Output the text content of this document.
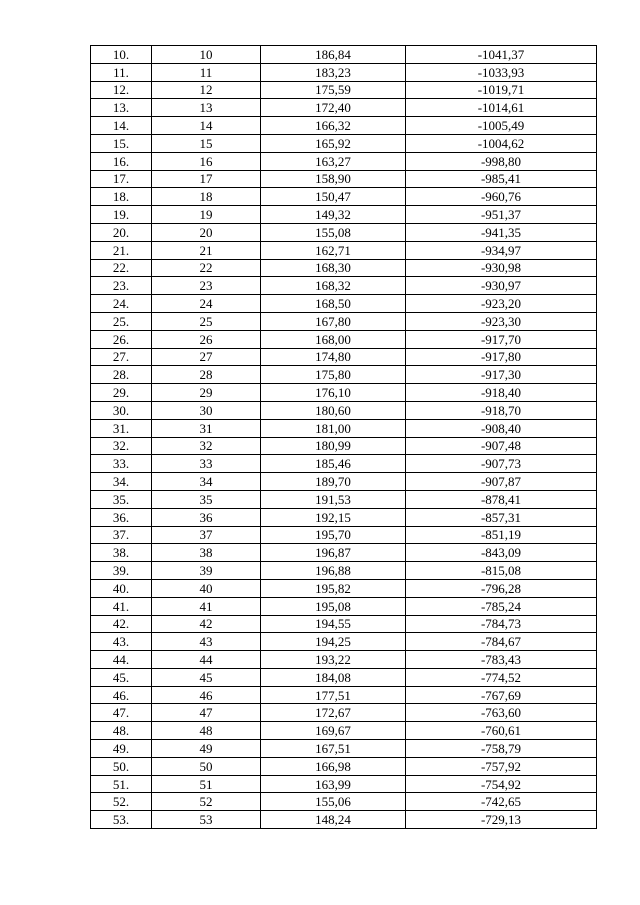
10.	10	186,84	-1041,37
11.	11	183,23	-1033,93
12.	12	175,59	-1019,71
13.	13	172,40	-1014,61
14.	14	166,32	-1005,49
15.	15	165,92	-1004,62
16.	16	163,27	-998,80
17.	17	158,90	-985,41
18.	18	150,47	-960,76
19.	19	149,32	-951,37
20.	20	155,08	-941,35
21.	21	162,71	-934,97
22.	22	168,30	-930,98
23.	23	168,32	-930,97
24.	24	168,50	-923,20
25.	25	167,80	-923,30
26.	26	168,00	-917,70
27.	27	174,80	-917,80
28.	28	175,80	-917,30
29.	29	176,10	-918,40
30.	30	180,60	-918,70
31.	31	181,00	-908,40
32.	32	180,99	-907,48
33.	33	185,46	-907,73
34.	34	189,70	-907,87
35.	35	191,53	-878,41
36.	36	192,15	-857,31
37.	37	195,70	-851,19
38.	38	196,87	-843,09
39.	39	196,88	-815,08
40.	40	195,82	-796,28
41.	41	195,08	-785,24
42.	42	194,55	-784,73
43.	43	194,25	-784,67
44.	44	193,22	-783,43
45.	45	184,08	-774,52
46.	46	177,51	-767,69
47.	47	172,67	-763,60
48.	48	169,67	-760,61
49.	49	167,51	-758,79
50.	50	166,98	-757,92
51.	51	163,99	-754,92
52.	52	155,06	-742,65
53.	53	148,24	-729,13
